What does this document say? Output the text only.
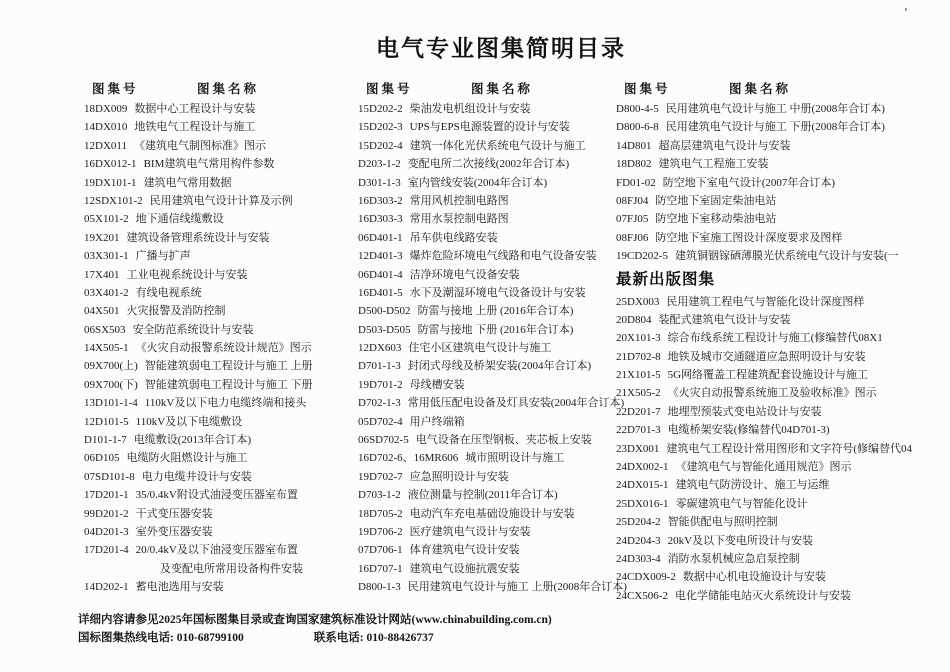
电气专业图集简明目录
图集号	图集名称
18DX009 数据中心工程设计与安装
14DX010 地铁电气工程设计与施工
12DX011 《建筑电气制图标准》图示
16DX012-1 BIM建筑电气常用构件参数
19DX101-1 建筑电气常用数据
12SDX101-2 民用建筑电气设计计算及示例
05X101-2 地下通信线缆敷设
19X201 建筑设备管理系统设计与安装
03X301-1 广播与扩声
17X401 工业电视系统设计与安装
03X401-2 有线电视系统
04X501 火灾报警及消防控制
06SX503 安全防范系统设计与安装
14X505-1 《火灾自动报警系统设计规范》图示
09X700(上) 智能建筑弱电工程设计与施工 上册
09X700(下) 智能建筑弱电工程设计与施工 下册
13D101-1-4 110kV及以下电力电缆终端和接头
12D101-5 110kV及以下电缆敷设
D101-1-7 电缆敷设(2013年合订本)
06D105 电缆防火阻燃设计与施工
07SD101-8 电力电缆井设计与安装
17D201-1 35/0.4kV附设式油浸变压器室布置
99D201-2 干式变压器安装
04D201-3 室外变压器安装
17D201-4 20/0.4kV及以下油浸变压器室布置
及变配电所常用设备构件安装
14D202-1 蓄电池选用与安装
图集号	图集名称
15D202-2 柴油发电机组设计与安装
15D202-3 UPS与EPS电源装置的设计与安装
15D202-4 建筑一体化光伏系统电气设计与施工
D203-1-2 变配电所二次接线(2002年合订本)
D301-1-3 室内管线安装(2004年合订本)
16D303-2 常用风机控制电路图
16D303-3 常用水泵控制电路图
06D401-1 吊车供电线路安装
12D401-3 爆炸危险环境电气线路和电气设备安装
06D401-4 洁净环境电气设备安装
16D401-5 水下及潮湿环境电气设备设计与安装
D500-D502 防雷与接地 上册 (2016年合订本)
D503-D505 防雷与接地 下册 (2016年合订本)
12DX603 住宅小区建筑电气设计与施工
D701-1-3 封闭式母线及桥架安装(2004年合订本)
19D701-2 母线槽安装
D702-1-3 常用低压配电设备及灯具安装(2004年合订本)
05D702-4 用户终端箱
06SD702-5 电气设备在压型钢板、夹芯板上安装
16D702-6、16MR606 城市照明设计与施工
19D702-7 应急照明设计与安装
D703-1-2 液位测量与控制(2011年合订本)
18D705-2 电动汽车充电基础设施设计与安装
19D706-2 医疗建筑电气设计与安装
07D706-1 体育建筑电气设计安装
16D707-1 建筑电气设施抗震安装
D800-1-3 民用建筑电气设计与施工 上册(2008年合订本)
图集号	图集名称
D800-4-5 民用建筑电气设计与施工 中册(2008年合订本)
D800-6-8 民用建筑电气设计与施工 下册(2008年合订本)
14D801 超高层建筑电气设计与安装
18D802 建筑电气工程施工安装
FD01-02 防空地下室电气设计(2007年合订本)
08FJ04 防空地下室固定柴油电站
07FJ05 防空地下室移动柴油电站
08FJ06 防空地下室施工图设计深度要求及图样
19CD202-5 建筑铜铟镓硒薄膜光伏系统电气设计与安装(一
最新出版图集
25DX003 民用建筑工程电气与智能化设计深度图样
20D804 装配式建筑电气设计与安装
20X101-3 综合布线系统工程设计与施工(修编替代08X1
21D702-8 地铁及城市交通隧道应急照明设计与安装
21X101-5 5G网络覆盖工程建筑配套设施设计与施工
21X505-2 《火灾自动报警系统施工及验收标准》图示
22D201-7 地埋型预装式变电站设计与安装
22D701-3 电缆桥架安装(修编替代04D701-3)
23DX001 建筑电气工程设计常用图形和文字符号(修编替代04
24DX002-1 《建筑电气与智能化通用规范》图示
24DX015-1 建筑电气防涝设计、施工与运维
25DX016-1 零碳建筑电气与智能化设计
25D204-2 智能供配电与照明控制
24D204-3 20kV及以下变电所设计与安装
24D303-4 消防水泵机械应急启泵控制
24CDX009-2 数据中心机电设施设计与安装
24CX506-2 电化学储能电站灭火系统设计与安装
详细内容请参见2025年国标图集目录或查询国家建筑标准设计网站(www.chinabuilding.com.cn)
国标图集热线电话: 010-68799100	联系电话: 010-88426737
